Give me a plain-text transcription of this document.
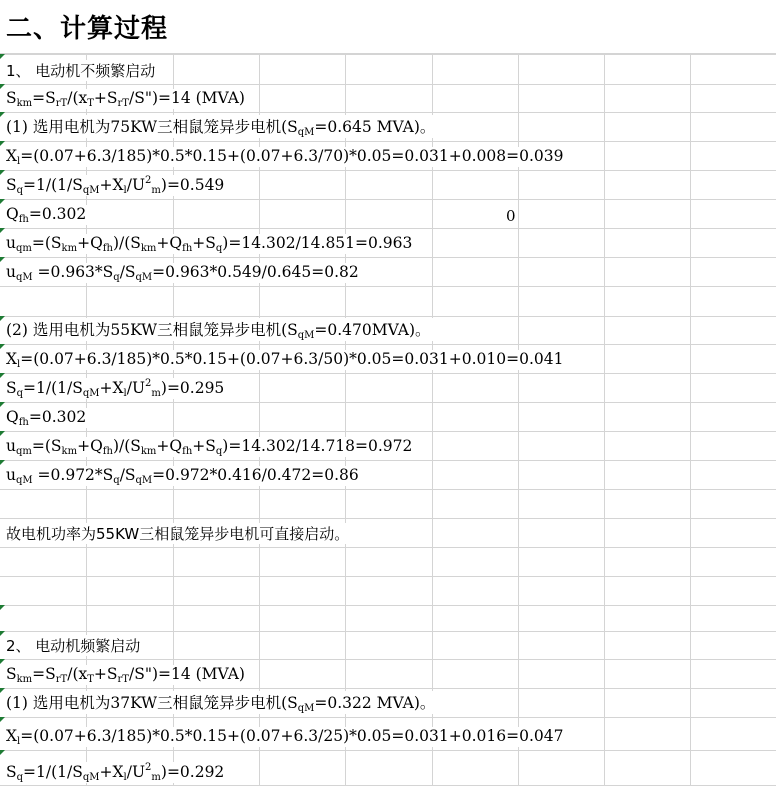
二、计算过程
1、 电动机不频繁启动
$S_{km}=S_{rT}/(x_T+S_{rT}/S")=14$ (MVA)
(1) 选用电机为75KW三相鼠笼异步电机($S_{qM}=0.645$ MVA)。
$X_l=(0.07+6.3/185)*0.5*0.15+(0.07+6.3/70)*0.05=0.031+0.008=0.039$
$S_q=1/(1/S_{qM}+X_l/U^2_m)=0.549$
$Q_{fh}=0.302$	0
$u_{qm}=(S_{km}+Q_{fh})/(S_{km}+Q_{fh}+S_q)=14.302/14.851=0.963$
$u_{qM} =0.963*S_q/S_{qM}=0.963*0.549/0.645=0.82$
(2) 选用电机为55KW三相鼠笼异步电机$(S_{qM}=0.470MVA)$。
$X_l=(0.07+6.3/185)*0.5*0.15+(0.07+6.3/50)*0.05=0.031+0.010=0.041$
$S_q=1/(1/S_{qM}+X_l/U^2_m)=0.295$
$Q_{fh}=0.302$
$u_{qm}=(S_{km}+Q_{fh})/(S_{km}+Q_{fh}+S_q)=14.302/14.718=0.972$
$u_{qM} =0.972*S_q/S_{qM}=0.972*0.416/0.472=0.86$
故电机功率为55KW三相鼠笼异步电机可直接启动。
2、 电动机频繁启动
$S_{km}=S_{rT}/(x_T+S_{rT}/S")=14$ (MVA)
(1) 选用电机为37KW三相鼠笼异步电机($S_{qM}=0.322$ MVA)。
$X_l=(0.07+6.3/185)*0.5*0.15+(0.07+6.3/25)*0.05=0.031+0.016=0.047$
$S_q=1/(1/S_{qM}+X_l/U^2_m)=0.292$
